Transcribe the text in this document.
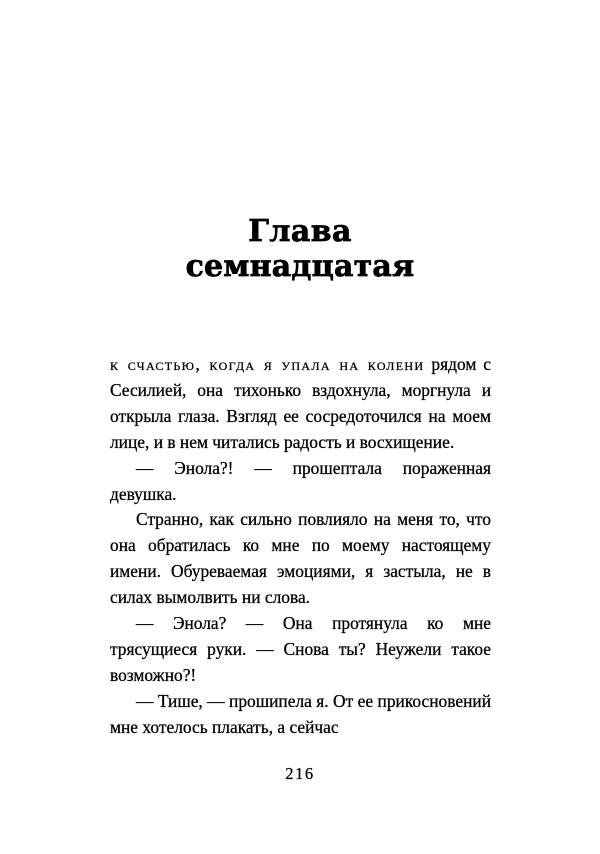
Глава
семнадцатая

к счастью, когда я упала на колени рядом с Сесилией, она тихонько вздохнула, моргнула и открыла глаза. Взгляд ее сосредоточился на моем лице, и в нем читались радость и восхищение.

— Энола?! — прошептала пораженная девушка.

Странно, как сильно повлияло на меня то, что она обратилась ко мне по моему настоящему имени. Обуреваемая эмоциями, я застыла, не в силах вымолвить ни слова.

— Энола? — Она протянула ко мне трясущиеся руки. — Снова ты? Неужели такое возможно?!

— Тише, — прошипела я. От ее прикосновений мне хотелось плакать, а сейчас

216
